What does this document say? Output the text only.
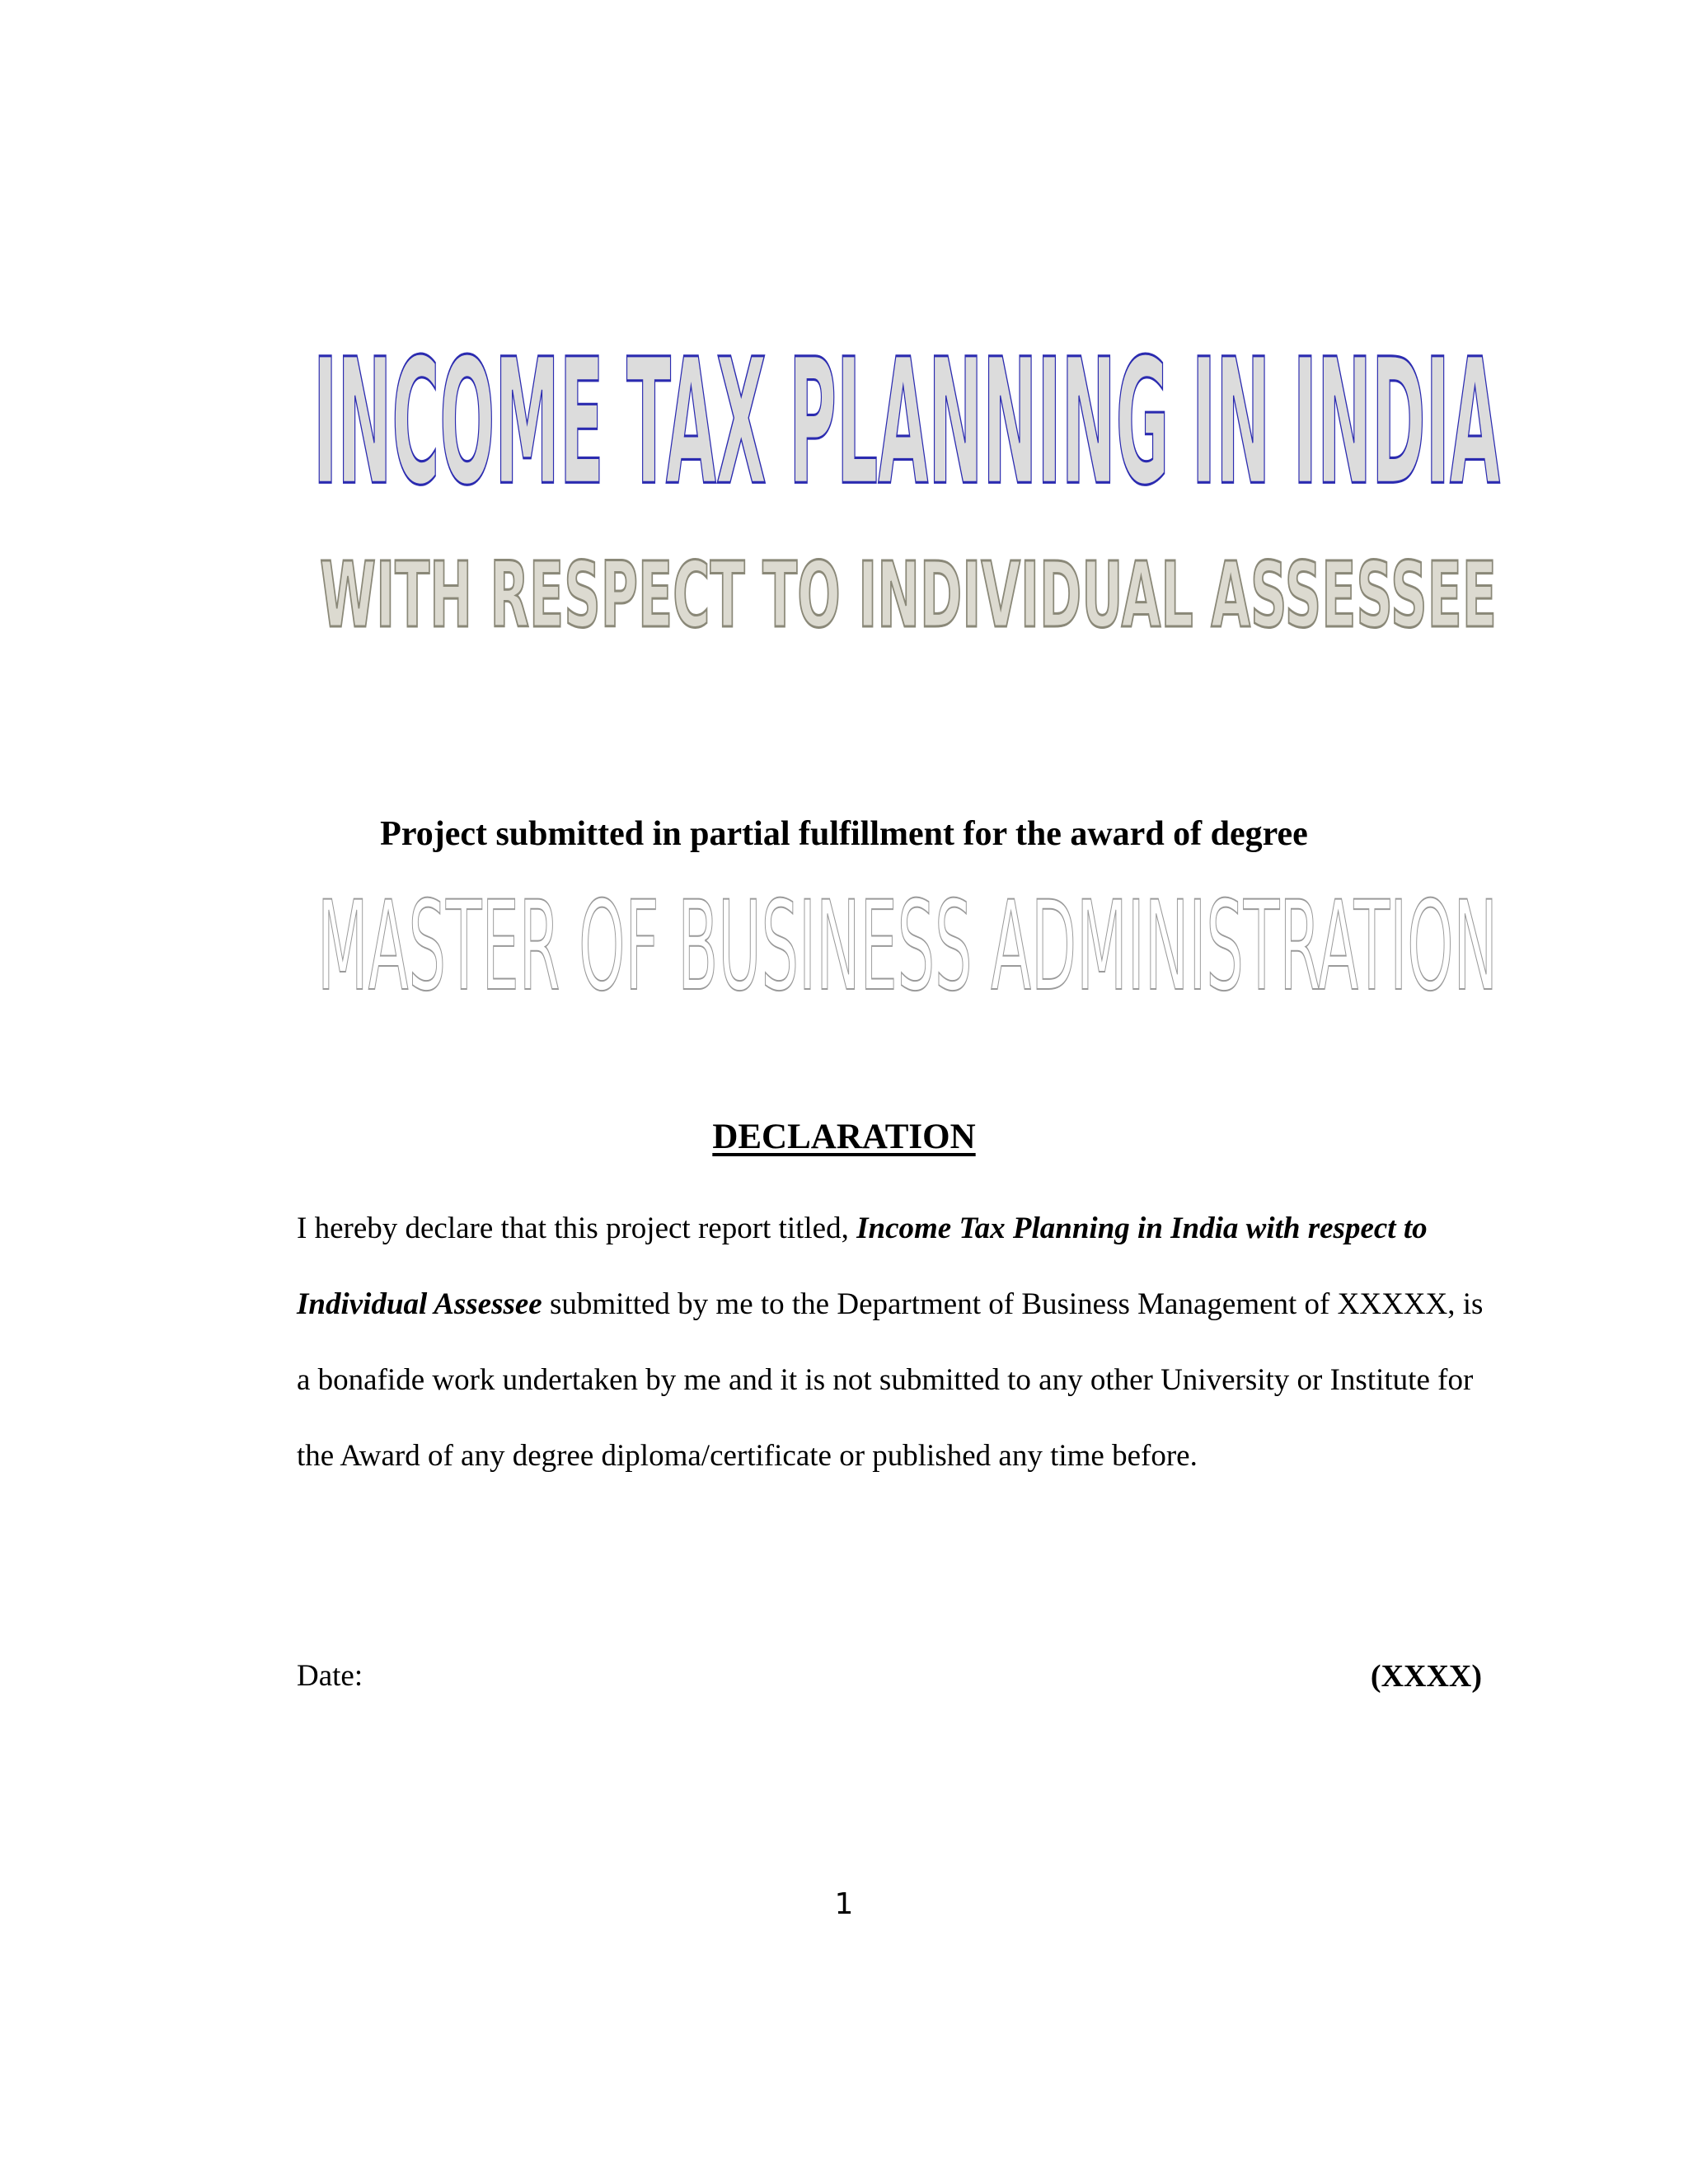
INCOME TAX PLANNING IN INDIA
WITH RESPECT TO INDIVIDUAL ASSESSEE
Project submitted in partial fulfillment for the award of degree
MASTER OF BUSINESS ADMINISTRATION
DECLARATION
I hereby declare that this project report titled, Income Tax Planning in India with respect to Individual Assessee submitted by me to the Department of Business Management of XXXXX, is a bonafide work undertaken by me and it is not submitted to any other University or Institute for the Award of any degree diploma/certificate or published any time before.
Date:	(XXXX)
1
